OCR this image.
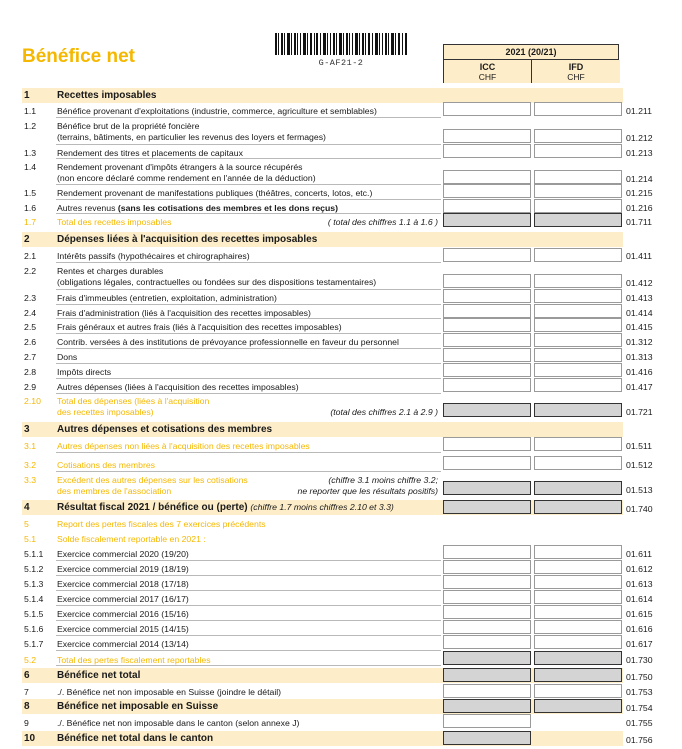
Bénéfice net	G-AF21-2
2021 (20/21)
ICC
CHF
IFD
CHF
1	Recettes imposables
1.1 Bénéfice provenant d'exploitations (industrie, commerce, agriculture et semblables)	01.211
1.2 Bénéfice brut de la propriété foncière
(terrains, bâtiments, en particulier les revenus des loyers et fermages)	01.212
1.3 Rendement des titres et placements de capitaux	01.213
1.4 Rendement provenant d'impôts étrangers à la source récupérés
(non encore déclaré comme rendement en l'année de la déduction)	01.214
1.5 Rendement provenant de manifestations publiques (théâtres, concerts, lotos, etc.)	01.215
1.6 Autres revenus (sans les cotisations des membres et les dons reçus)	01.216
1.7 Total des recettes imposables	( total des chiffres 1.1 à 1.6 )	01.711
2	Dépenses liées à l'acquisition des recettes imposables
2.1 Intérêts passifs (hypothécaires et chirographaires)	01.411
2.2 Rentes et charges durables
(obligations légales, contractuelles ou fondées sur des dispositions testamentaires)	01.412
2.3 Frais d'immeubles (entretien, exploitation, administration)	01.413
2.4 Frais d'administration (liés à l'acquisition des recettes imposables)	01.414
2.5 Frais généraux et autres frais (liés à l'acquisition des recettes imposables)	01.415
2.6 Contrib. versées à des institutions de prévoyance professionnelle en faveur du personnel	01.312
2.7 Dons	01.313
2.8 Impôts directs	01.416
2.9 Autres dépenses (liées à l'acquisition des recettes imposables)	01.417
2.10 Total des dépenses (liées à l'acquisition
des recettes imposables)	(total des chiffres 2.1 à 2.9 )	01.721
3	Autres dépenses et cotisations des membres
3.1 Autres dépenses non liées à l'acquisition des recettes imposables	01.511
3.2 Cotisations des membres	01.512
3.3 Excédent des autres dépenses sur les cotisations
des membres de l'association
(chiffre 3.1 moins chiffre 3.2;
ne reporter que les résultats positifs)	01.513
4	Résultat fiscal 2021 / bénéfice ou (perte) (chiffre 1.7 moins chiffres 2.10 et 3.3)	01.740
5	Report des pertes fiscales des 7 exercices précédents
5.1 Solde fiscalement reportable en 2021 :
5.1.1 Exercice commercial 2020 (19/20)	01.611
5.1.2 Exercice commercial 2019 (18/19)	01.612
5.1.3 Exercice commercial 2018 (17/18)	01.613
5.1.4 Exercice commercial 2017 (16/17)	01.614
5.1.5 Exercice commercial 2016 (15/16)	01.615
5.1.6 Exercice commercial 2015 (14/15)	01.616
5.1.7 Exercice commercial 2014 (13/14)	01.617
5.2 Total des pertes fiscalement reportables	01.730
6	Bénéfice net total	01.750
7	./. Bénéfice net non imposable en Suisse (joindre le détail)	01.753
8	Bénéfice net imposable en Suisse	01.754
9	./. Bénéfice net non imposable dans le canton (selon annexe J)	01.755
10 Bénéfice net total dans le canton	01.756
